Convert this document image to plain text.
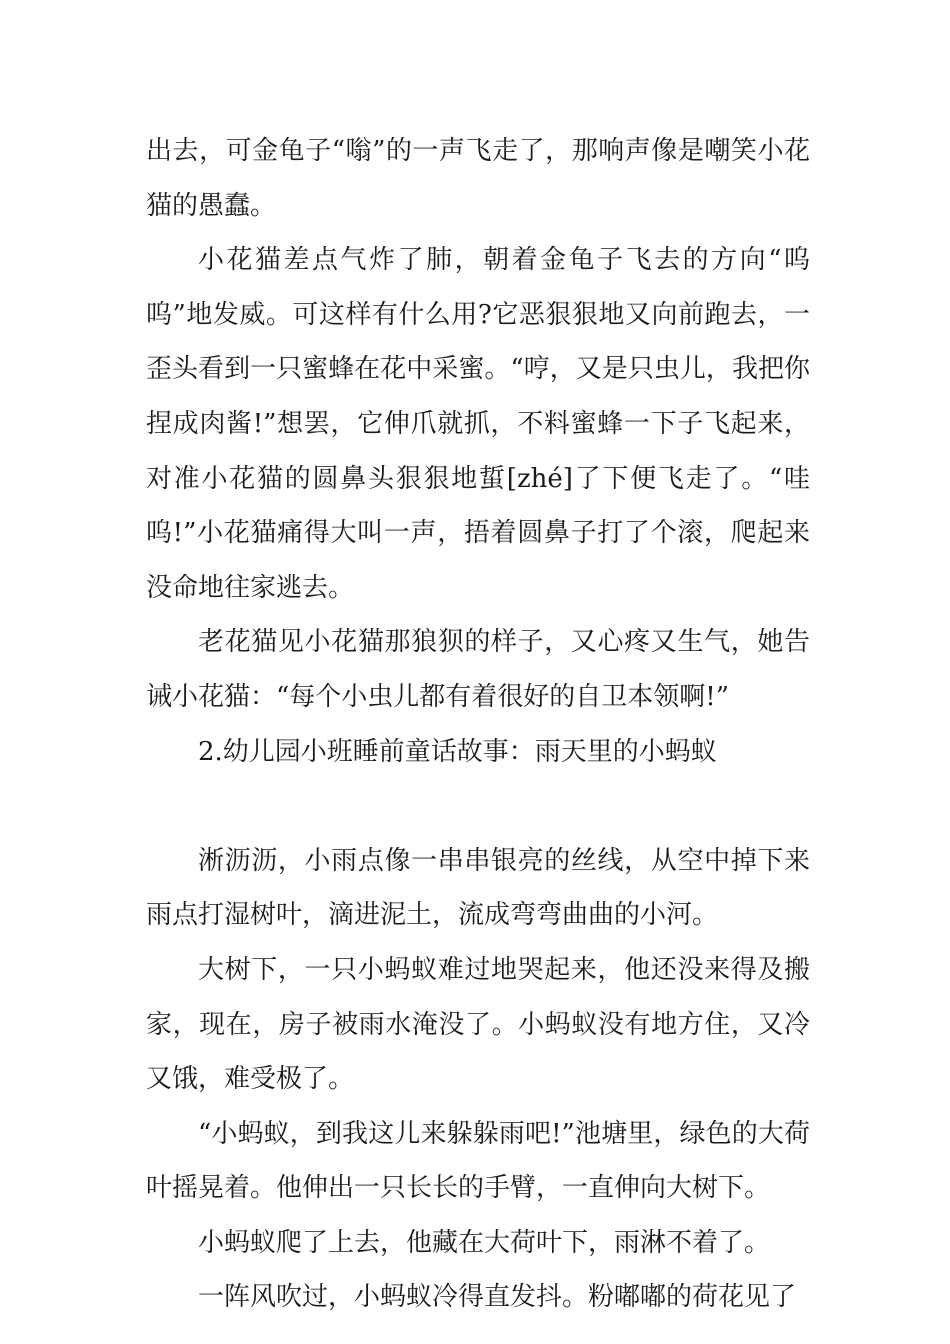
出去，可金龟子“嗡”的一声飞走了，那响声像是嘲笑小花猫的愚蠢。

小花猫差点气炸了肺，朝着金龟子飞去的方向“呜呜”地发威。可这样有什么用?它恶狠狠地又向前跑去，一歪头看到一只蜜蜂在花中采蜜。“哼，又是只虫儿，我把你捏成肉酱!”想罢，它伸爪就抓，不料蜜蜂一下子飞起来，对准小花猫的圆鼻头狠狠地蜇[zhé]了下便飞走了。“哇呜!”小花猫痛得大叫一声，捂着圆鼻子打了个滚，爬起来没命地往家逃去。

老花猫见小花猫那狼狈的样子，又心疼又生气，她告诫小花猫：“每个小虫儿都有着很好的自卫本领啊!”

2.幼儿园小班睡前童话故事：雨天里的小蚂蚁

淅沥沥，小雨点像一串串银亮的丝线，从空中掉下来雨点打湿树叶，滴进泥土，流成弯弯曲曲的小河。

大树下，一只小蚂蚁难过地哭起来，他还没来得及搬家，现在，房子被雨水淹没了。小蚂蚁没有地方住，又冷又饿，难受极了。

“小蚂蚁，到我这儿来躲躲雨吧!”池塘里，绿色的大荷叶摇晃着。他伸出一只长长的手臂，一直伸向大树下。

小蚂蚁爬了上去，他藏在大荷叶下，雨淋不着了。

一阵风吹过，小蚂蚁冷得直发抖。粉嘟嘟的荷花见了
